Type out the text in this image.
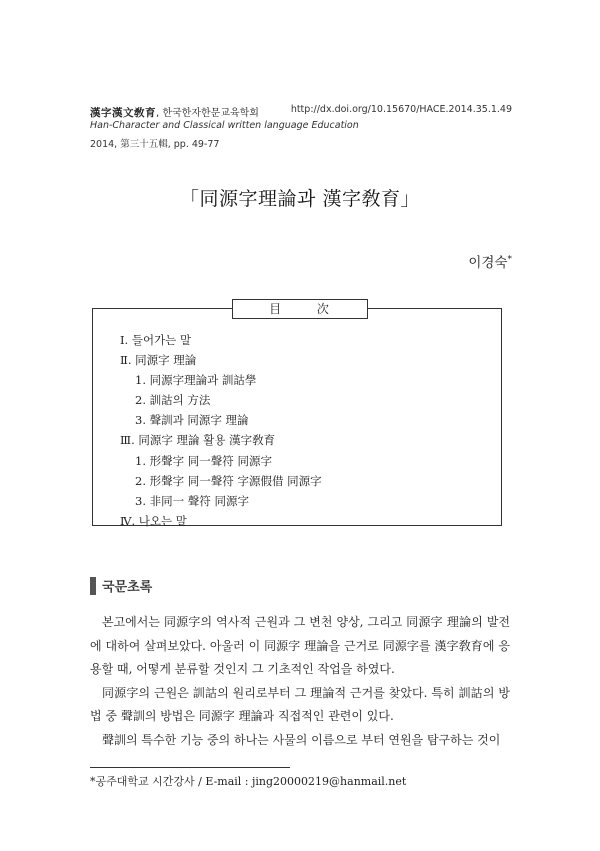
漢字漢文敎育, 한국한자한문교육학회
Han-Character and Classical written language Education
2014, 第三十五輯, pp. 49-77
http://dx.doi.org/10.15670/HACE.2014.35.1.49
「同源字理論과 漢字敎育」
이경숙*
目 次
Ⅰ. 들어가는 말
Ⅱ. 同源字 理論
1. 同源字理論과 訓詁學
2. 訓詁의 方法
3. 聲訓과 同源字 理論
Ⅲ. 同源字 理論 활용 漢字敎育
1. 形聲字 同一聲符 同源字
2. 形聲字 同一聲符 字源假借 同源字
3. 非同一 聲符 同源字
Ⅳ. 나오는 말
국문초록

본고에서는 同源字의 역사적 근원과 그 변천 양상, 그리고 同源字 理論의 발전에 대하여 살펴보았다. 아울러 이 同源字 理論을 근거로 同源字를 漢字敎育에 응용할 때, 어떻게 분류할 것인지 그 기초적인 작업을 하였다.

同源字의 근원은 訓詁의 원리로부터 그 理論적 근거를 찾았다. 특히 訓詁의 방법 중 聲訓의 방법은 同源字 理論과 직접적인 관련이 있다.

聲訓의 특수한 기능 중의 하나는 사물의 이름으로 부터 연원을 탐구하는 것이

*공주대학교 시간강사 / E-mail : jing20000219@hanmail.net
